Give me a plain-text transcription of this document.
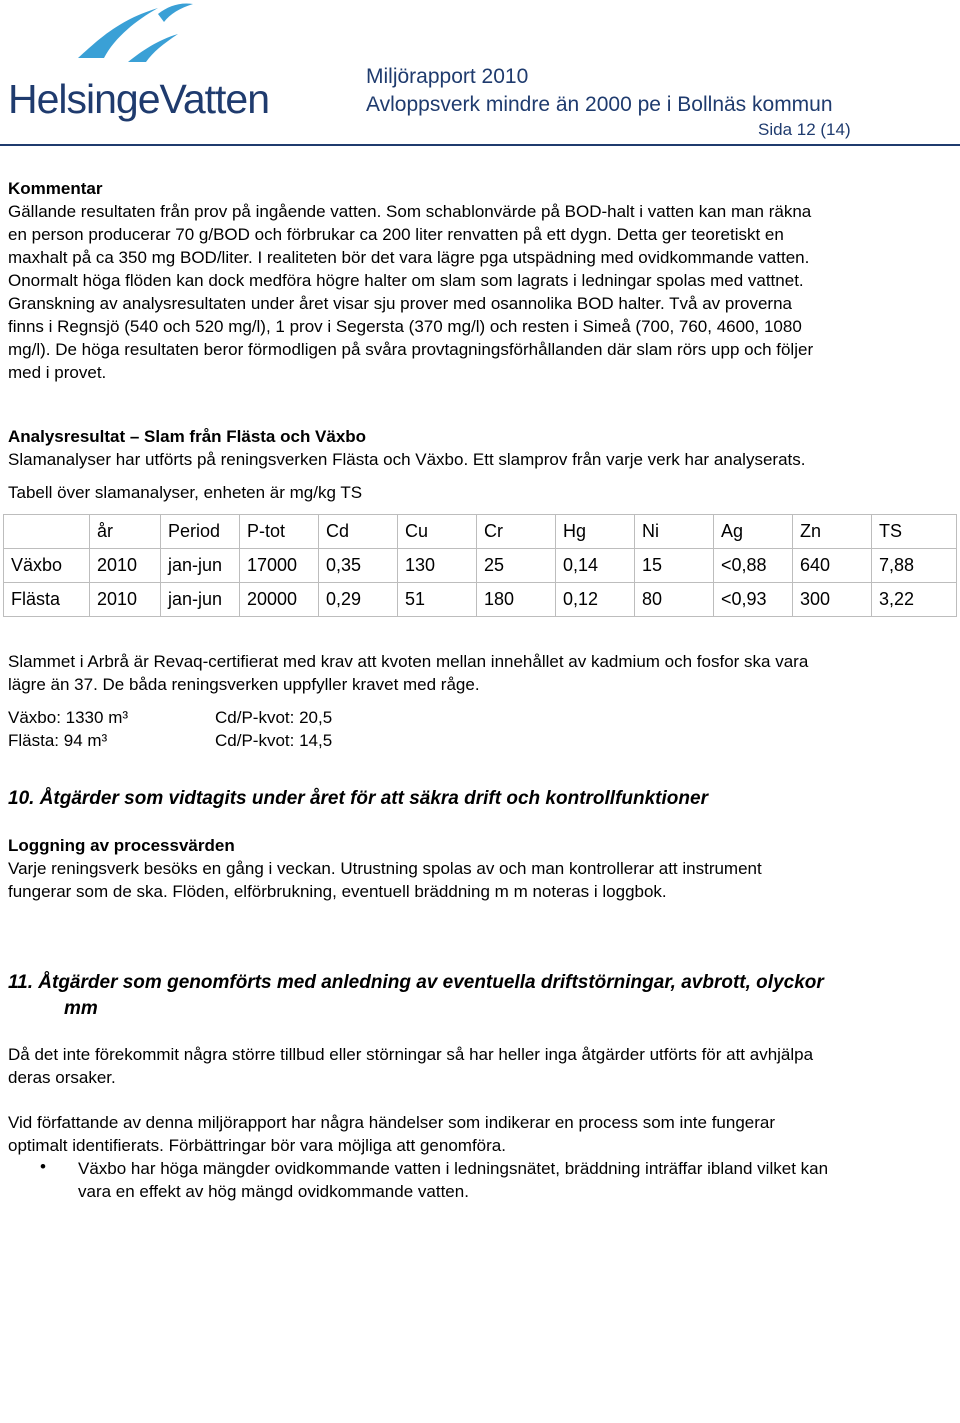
HelsingeVatten	Miljörapport 2010
Avloppsverk mindre än 2000 pe i Bollnäs kommun
Sida 12 (14)

Kommentar

Gällande resultaten från prov på ingående vatten. Som schablonvärde på BOD-halt i vatten kan man räkna

en person producerar 70 g/BOD och förbrukar ca 200 liter renvatten på ett dygn. Detta ger teoretiskt en

maxhalt på ca 350 mg BOD/liter. I realiteten bör det vara lägre pga utspädning med ovidkommande vatten.

Onormalt höga flöden kan dock medföra högre halter om slam som lagrats i ledningar spolas med vattnet.

Granskning av analysresultaten under året visar sju prover med osannolika BOD halter. Två av proverna

finns i Regnsjö (540 och 520 mg/l), 1 prov i Segersta (370 mg/l) och resten i Simeå (700, 760, 4600, 1080

mg/l). De höga resultaten beror förmodligen på svåra provtagningsförhållanden där slam rörs upp och följer

med i provet.

Analysresultat – Slam från Flästa och Växbo

Slamanalyser har utförts på reningsverken Flästa och Växbo. Ett slamprov från varje verk har analyserats.

Tabell över slamanalyser, enheten är mg/kg TS

	år	Period	P-tot	Cd	Cu	Cr	Hg	Ni	Ag	Zn	TS
Växbo	2010	jan-jun	17000	0,35	130	25	0,14	15	<0,88	640	7,88
Flästa	2010	jan-jun	20000	0,29	51	180	0,12	80	<0,93	300	3,22

Slammet i Arbrå är Revaq-certifierat med krav att kvoten mellan innehållet av kadmium och fosfor ska vara

lägre än 37. De båda reningsverken uppfyller kravet med råge.

Växbo: 1330 m³	Cd/P-kvot: 20,5
Flästa: 94 m³	Cd/P-kvot: 14,5
10. Åtgärder som vidtagits under året för att säkra drift och kontrollfunktioner

Loggning av processvärden

Varje reningsverk besöks en gång i veckan. Utrustning spolas av och man kontrollerar att instrument

fungerar som de ska. Flöden, elförbrukning, eventuell bräddning m m noteras i loggbok.

11. Åtgärder som genomförts med anledning av eventuella driftstörningar, avbrott, olyckor
mm

Då det inte förekommit några större tillbud eller störningar så har heller inga åtgärder utförts för att avhjälpa

deras orsaker.

Vid författande av denna miljörapport har några händelser som indikerar en process som inte fungerar

optimalt identifierats. Förbättringar bör vara möjliga att genomföra.

• Växbo har höga mängder ovidkommande vatten i ledningsnätet, bräddning inträffar ibland vilket kan

vara en effekt av hög mängd ovidkommande vatten.
